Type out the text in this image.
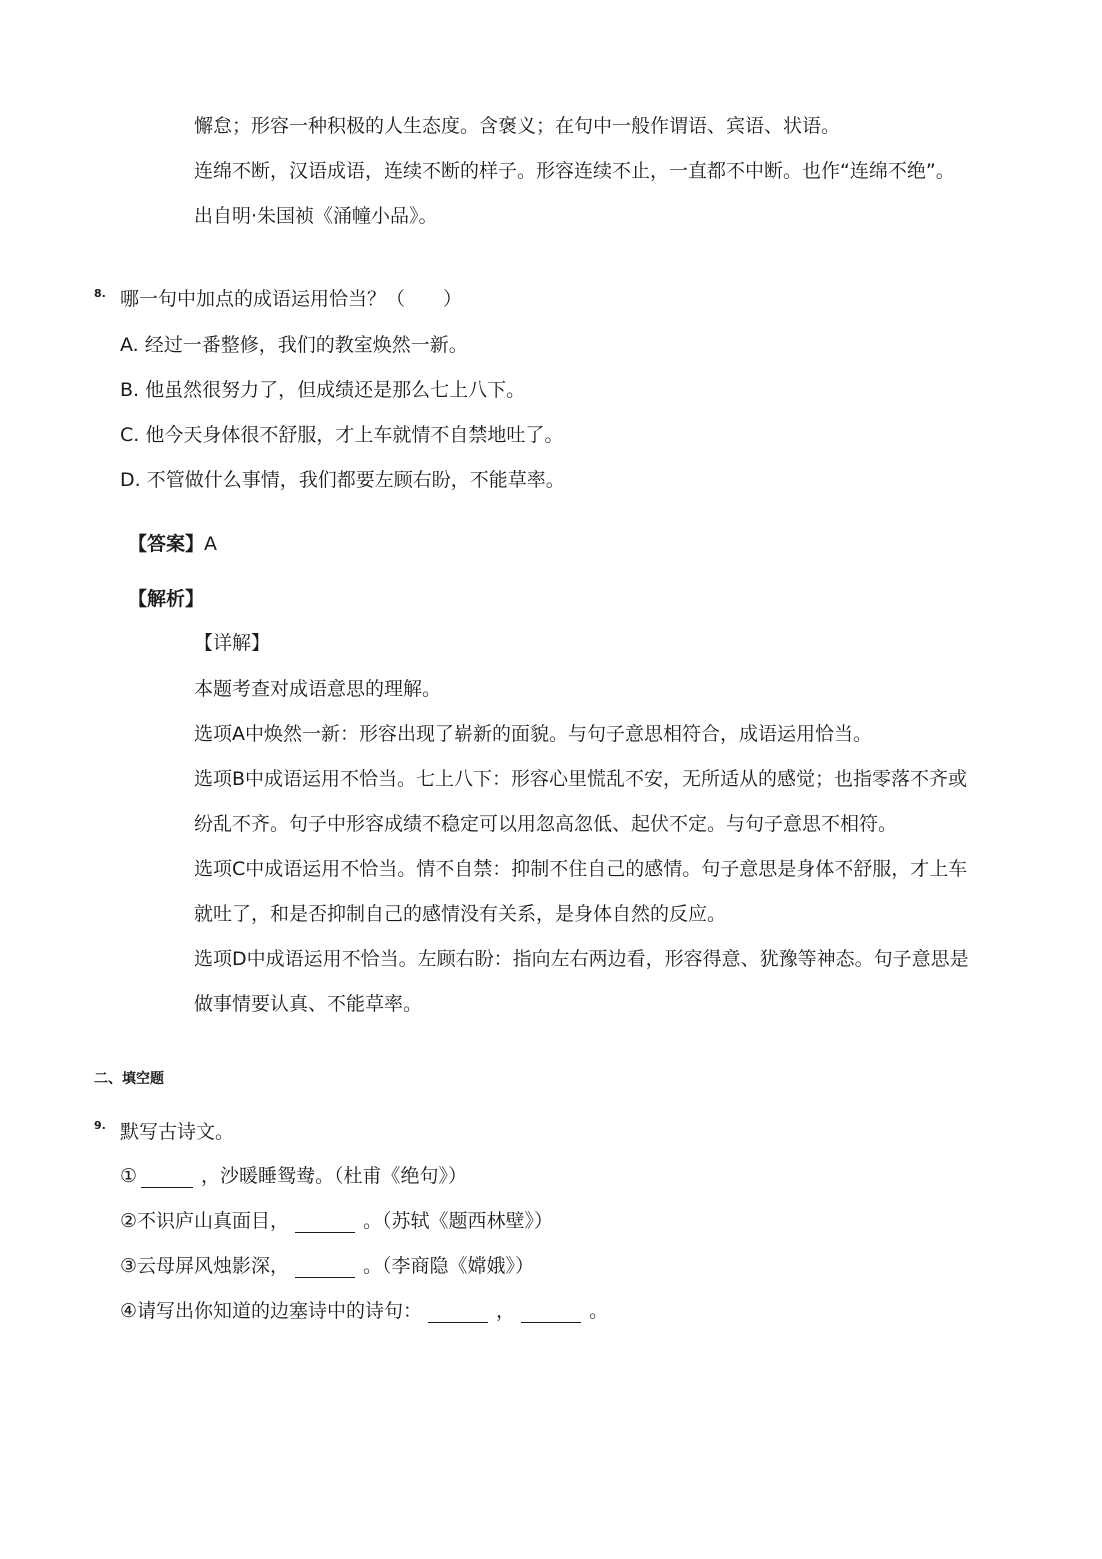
懈怠；形容一种积极的人生态度。含褒义；在句中一般作谓语、宾语、状语。
连绵不断，汉语成语，连续不断的样子。形容连续不止，一直都不中断。也作“连绵不绝”。
出自明·朱国祯《涌幢小品》。
8. 哪一句中加点的成语运用恰当？（　　）
A. 经过一番整修，我们的教室焕然一新。
B. 他虽然很努力了，但成绩还是那么七上八下。
C. 他今天身体很不舒服，才上车就情不自禁地吐了。
D. 不管做什么事情，我们都要左顾右盼，不能草率。
【答案】A
【解析】
【详解】
本题考查对成语意思的理解。
选项A中焕然一新：形容出现了崭新的面貌。与句子意思相符合，成语运用恰当。
选项B中成语运用不恰当。七上八下：形容心里慌乱不安，无所适从的感觉；也指零落不齐或
纷乱不齐。句子中形容成绩不稳定可以用忽高忽低、起伏不定。与句子意思不相符。
选项C中成语运用不恰当。情不自禁：抑制不住自己的感情。句子意思是身体不舒服，才上车
就吐了，和是否抑制自己的感情没有关系，是身体自然的反应。
选项D中成语运用不恰当。左顾右盼：指向左右两边看，形容得意、犹豫等神态。句子意思是
做事情要认真、不能草率。
二、填空题
9. 默写古诗文。
①	，沙暖睡鸳鸯。（杜甫《绝句》）
②不识庐山真面目，	。（苏轼《题西林壁》）
③云母屏风烛影深，	。（李商隐《嫦娥》）
④请写出你知道的边塞诗中的诗句：	，	。
